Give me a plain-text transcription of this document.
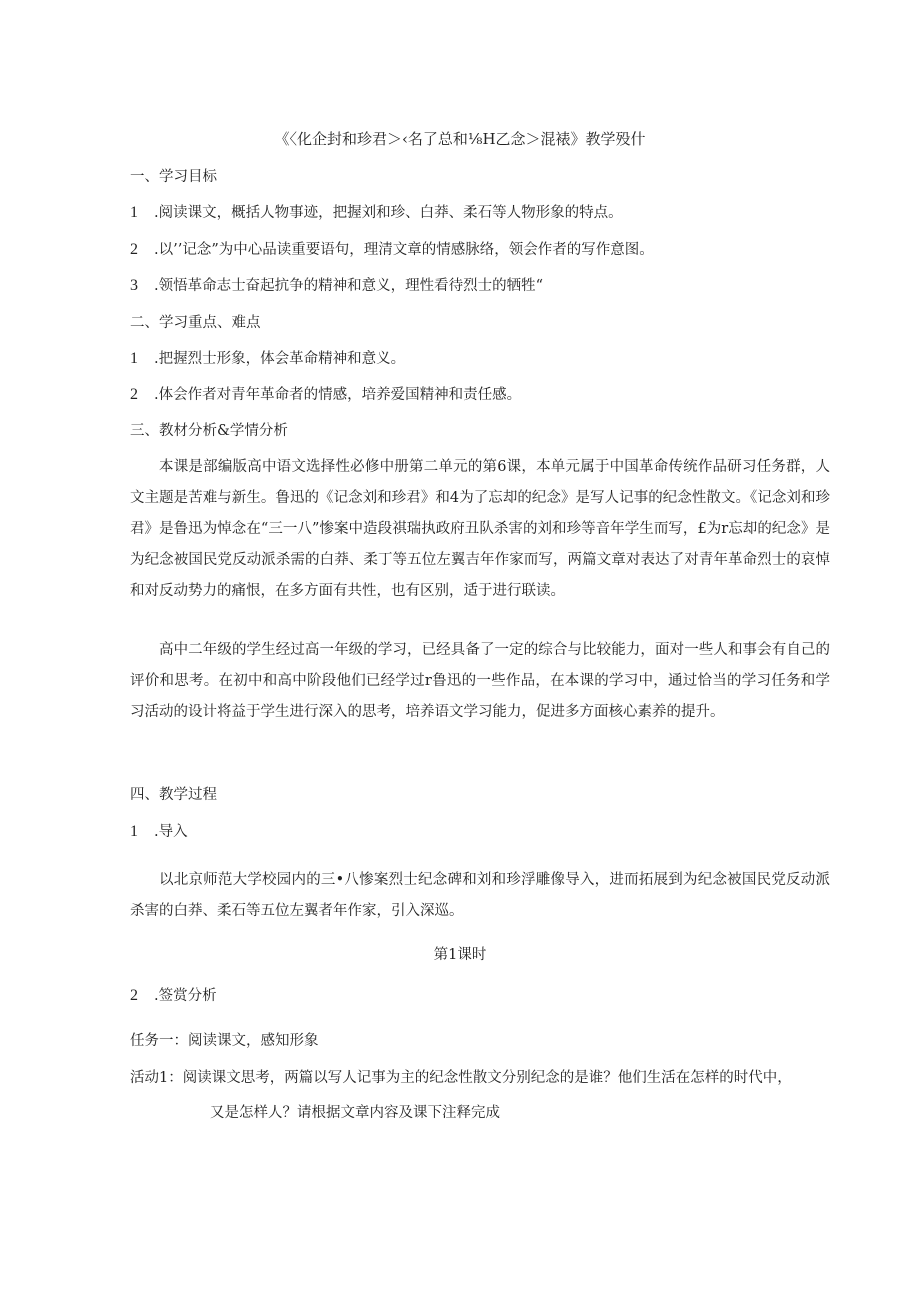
《〈化企封和珍君＞‹名了总和⅛H乙念＞混裱》教学殁什
一、学习目标
1 .阅读课文，概括人物事迹，把握刘和珍、白莽、柔石等人物形象的特点。
2 .以’’记念”为中心品读重要语句，理清文章的情感脉络，领会作者的写作意图。
3 .领悟革命志士奋起抗争的精神和意义，理性看待烈士的牺牲“
二、学习重点、难点
1 .把握烈士形象，体会革命精神和意义。
2 .体会作者对青年革命者的情感，培养爱国精神和责任感。
三、教材分析&学情分析
本课是部编版高中语文选择性必修中册第二单元的第6课，本单元属于中国革命传统作品研习任务群，人文主题是苦难与新生。鲁迅的《记念刘和珍君》和4为了忘却的纪念》是写人记事的纪念性散文。《记念刘和珍君》是鲁迅为悼念在“三一八”惨案中造段祺瑞执政府丑队杀害的刘和珍等音年学生而写，£为r忘却的纪念》是为纪念被国民党反动派杀需的白莽、柔丁等五位左翼吉年作家而写，两篇文章对表达了对青年革命烈士的哀悼和对反动势力的痛恨，在多方面有共性，也有区别，适于进行联读。
高中二年级的学生经过高一年级的学习，已经具备了一定的综合与比较能力，面对一些人和事会有自己的评价和思考。在初中和高中阶段他们已经学过r鲁迅的一些作品，在本课的学习中，通过恰当的学习任务和学习活动的设计将益于学生进行深入的思考，培养语文学习能力，促进多方面核心素养的提升。
四、教学过程
1 .导入
以北京师范大学校园内的三•八惨案烈士纪念碑和刘和珍浮雕像导入，进而拓展到为纪念被国民党反动派杀害的白莽、柔石等五位左翼者年作家，引入深巡。
第1课时
2 .签赏分析
任务一：阅读课文，感知形象
活动1：阅读课文思考，两篇以写人记事为主的纪念性散文分别纪念的是谁？他们生活在怎样的时代中，
又是怎样人？请根据文章内容及课下注释完成
